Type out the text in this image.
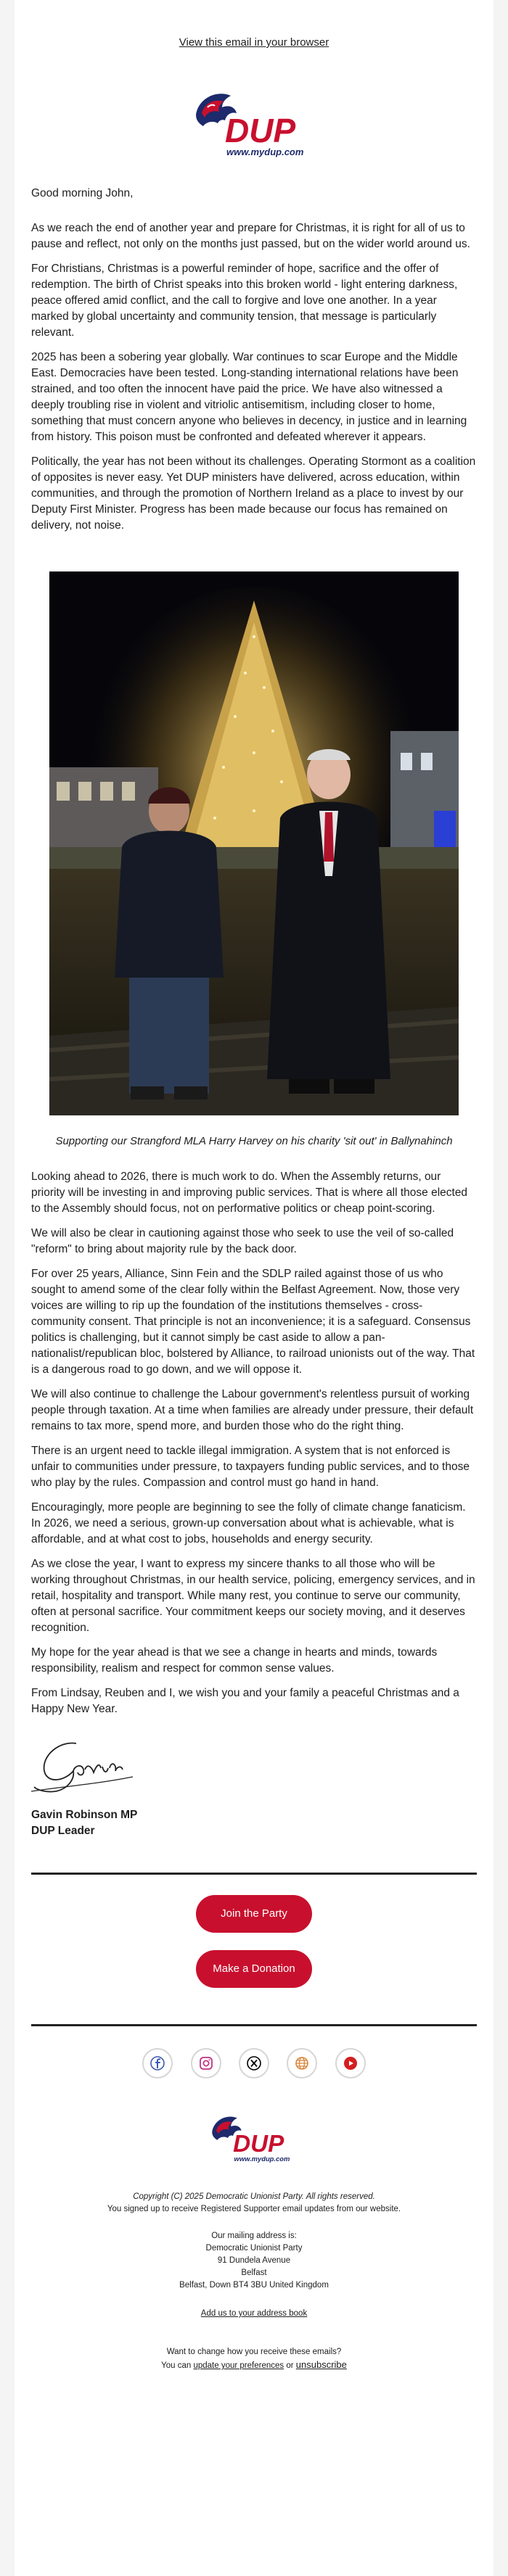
View this email in your browser
DUP
www.mydup.com

Good morning John,

As we reach the end of another year and prepare for Christmas, it is right for all of us to pause and reflect, not only on the months just passed, but on the wider world around us.

For Christians, Christmas is a powerful reminder of hope, sacrifice and the offer of redemption. The birth of Christ speaks into this broken world - light entering darkness, peace offered amid conflict, and the call to forgive and love one another. In a year marked by global uncertainty and community tension, that message is particularly relevant.

2025 has been a sobering year globally. War continues to scar Europe and the Middle East. Democracies have been tested. Long-standing international relations have been strained, and too often the innocent have paid the price. We have also witnessed a deeply troubling rise in violent and vitriolic antisemitism, including closer to home, something that must concern anyone who believes in decency, in justice and in learning from history. This poison must be confronted and defeated wherever it appears.

Politically, the year has not been without its challenges. Operating Stormont as a coalition of opposites is never easy. Yet DUP ministers have delivered, across education, within communities, and through the promotion of Northern Ireland as a place to invest by our Deputy First Minister. Progress has been made because our focus has remained on delivery, not noise.

Supporting our Strangford MLA Harry Harvey on his charity 'sit out' in Ballynahinch

Looking ahead to 2026, there is much work to do. When the Assembly returns, our priority will be investing in and improving public services. That is where all those elected to the Assembly should focus, not on performative politics or cheap point-scoring.

We will also be clear in cautioning against those who seek to use the veil of so-called "reform" to bring about majority rule by the back door.

For over 25 years, Alliance, Sinn Fein and the SDLP railed against those of us who sought to amend some of the clear folly within the Belfast Agreement. Now, those very voices are willing to rip up the foundation of the institutions themselves - cross-community consent. That principle is not an inconvenience; it is a safeguard. Consensus politics is challenging, but it cannot simply be cast aside to allow a pan-nationalist/republican bloc, bolstered by Alliance, to railroad unionists out of the way. That is a dangerous road to go down, and we will oppose it.

We will also continue to challenge the Labour government's relentless pursuit of working people through taxation. At a time when families are already under pressure, their default remains to tax more, spend more, and burden those who do the right thing.

There is an urgent need to tackle illegal immigration. A system that is not enforced is unfair to communities under pressure, to taxpayers funding public services, and to those who play by the rules. Compassion and control must go hand in hand.

Encouragingly, more people are beginning to see the folly of climate change fanaticism. In 2026, we need a serious, grown-up conversation about what is achievable, what is affordable, and at what cost to jobs, households and energy security.

As we close the year, I want to express my sincere thanks to all those who will be working throughout Christmas, in our health service, policing, emergency services, and in retail, hospitality and transport. While many rest, you continue to serve our community, often at personal sacrifice. Your commitment keeps our society moving, and it deserves recognition.

My hope for the year ahead is that we see a change in hearts and minds, towards responsibility, realism and respect for common sense values.

From Lindsay, Reuben and I, we wish you and your family a peaceful Christmas and a Happy New Year.

Gavin Robinson MP

DUP Leader

Join the Party
Make a Donation

DUP
www.mydup.com
Copyright (C) 2025 Democratic Unionist Party. All rights reserved.
You signed up to receive Registered Supporter email updates from our website.
Our mailing address is:
Democratic Unionist Party
91 Dundela Avenue
Belfast
Belfast, Down BT4 3BU United Kingdom
Add us to your address book
Want to change how you receive these emails?
You can update your preferences or unsubscribe
